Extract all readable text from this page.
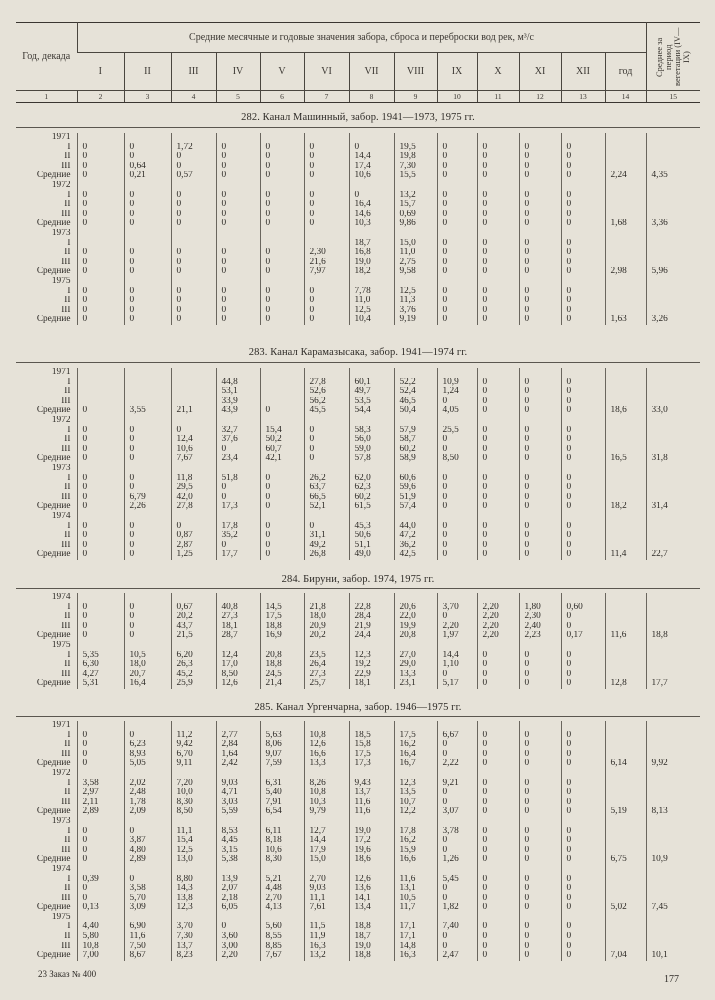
Год, декада	Средние месячные и годовые значения забора, сброса и переброски вод рек, м³/с													Среднее за период вегетации (IV—IX)

	I	II	III	IV	V	VI	VII	VIII	IX	X	XI	XII	год	
1	2	3	4	5	6	7	8	9	10	11	12	13	14	15
282. Канал Машинный, забор. 1941—1973, 1975 гг.
1971														
I	0	0	1,72	0	0	0	0	19,5	0	0	0	0		
II	0	0	0	0	0	0	14,4	19,8	0	0	0	0		
III	0	0,64	0	0	0	0	17,4	7,30	0	0	0	0		
Средние	0	0,21	0,57	0	0	0	10,6	15,5	0	0	0	0	2,24	4,35
1972														
I	0	0	0	0	0	0	0	13,2	0	0	0	0		
II	0	0	0	0	0	0	16,4	15,7	0	0	0	0		
III	0	0	0	0	0	0	14,6	0,69	0	0	0	0		
Средние	0	0	0	0	0	0	10,3	9,86	0	0	0	0	1,68	3,36
1973														
I							18,7	15,0	0	0	0	0		
II	0	0	0	0	0	2,30	16,8	11,0	0	0	0	0		
III	0	0	0	0	0	21,6	19,0	2,75	0	0	0	0		
Средние	0	0	0	0	0	7,97	18,2	9,58	0	0	0	0	2,98	5,96
1975														
I	0	0	0	0	0	0	7,78	12,5	0	0	0	0		
II	0	0	0	0	0	0	11,0	11,3	0	0	0	0		
III	0	0	0	0	0	0	12,5	3,76	0	0	0	0		
Средние	0	0	0	0	0	0	10,4	9,19	0	0	0	0	1,63	3,26
283. Канал Карамазысака, забор. 1941—1974 гг.
1971														
I				44,8		27,8	60,1	52,2	10,9	0	0	0		
II				53,1		52,6	49,7	52,4	1,24	0	0	0		
III				33,9		56,2	53,5	46,5	0	0	0	0		
Средние	0	3,55	21,1	43,9	0	45,5	54,4	50,4	4,05	0	0	0	18,6	33,0
1972														
I	0	0	0	32,7	15,4	0	58,3	57,9	25,5	0	0	0		
II	0	0	12,4	37,6	50,2	0	56,0	58,7	0	0	0	0		
III	0	0	10,6	0	60,7	0	59,0	60,2	0	0	0	0		
Средние	0	0	7,67	23,4	42,1	0	57,8	58,9	8,50	0	0	0	16,5	31,8
1973														
I	0	0	11,8	51,8	0	26,2	62,0	60,6	0	0	0	0		
II	0	0	29,5	0	0	63,7	62,3	59,6	0	0	0	0		
III	0	6,79	42,0	0	0	66,5	60,2	51,9	0	0	0	0		
Средние	0	2,26	27,8	17,3	0	52,1	61,5	57,4	0	0	0	0	18,2	31,4
1974														
I	0	0	0	17,8	0	0	45,3	44,0	0	0	0	0		
II	0	0	0,87	35,2	0	31,1	50,6	47,2	0	0	0	0		
III	0	0	2,87	0	0	49,2	51,1	36,2	0	0	0	0		
Средние	0	0	1,25	17,7	0	26,8	49,0	42,5	0	0	0	0	11,4	22,7
284. Бируни, забор. 1974, 1975 гг.
1974														
I	0	0	0,67	40,8	14,5	21,8	22,8	20,6	3,70	2,20	1,80	0,60		
II	0	0	20,2	27,3	17,5	18,0	28,4	22,0	0	2,20	2,30	0		
III	0	0	43,7	18,1	18,8	20,9	21,9	19,9	2,20	2,20	2,40	0		
Средние	0	0	21,5	28,7	16,9	20,2	24,4	20,8	1,97	2,20	2,23	0,17	11,6	18,8
1975														
I	5,35	10,5	6,20	12,4	20,8	23,5	12,3	27,0	14,4	0	0	0		
II	6,30	18,0	26,3	17,0	18,8	26,4	19,2	29,0	1,10	0	0	0		
III	4,27	20,7	45,2	8,50	24,5	27,3	22,9	13,3	0	0	0	0		
Средние	5,31	16,4	25,9	12,6	21,4	25,7	18,1	23,1	5,17	0	0	0	12,8	17,7
285. Канал Ургенчарна, забор. 1946—1975 гг.
1971														
I	0	0	11,2	2,77	5,63	10,8	18,5	17,5	6,67	0	0	0		
II	0	6,23	9,42	2,84	8,06	12,6	15,8	16,2	0	0	0	0		
III	0	8,93	6,70	1,64	9,07	16,6	17,5	16,4	0	0	0	0		
Средние	0	5,05	9,11	2,42	7,59	13,3	17,3	16,7	2,22	0	0	0	6,14	9,92
1972														
I	3,58	2,02	7,20	9,03	6,31	8,26	9,43	12,3	9,21	0	0	0		
II	2,97	2,48	10,0	4,71	5,40	10,8	13,7	13,5	0	0	0	0		
III	2,11	1,78	8,30	3,03	7,91	10,3	11,6	10,7	0	0	0	0		
Средние	2,89	2,09	8,50	5,59	6,54	9,79	11,6	12,2	3,07	0	0	0	5,19	8,13
1973														
I	0	0	11,1	8,53	6,11	12,7	19,0	17,8	3,78	0	0	0		
II	0	3,87	15,4	4,45	8,18	14,4	17,2	16,2	0	0	0	0		
III	0	4,80	12,5	3,15	10,6	17,9	19,6	15,9	0	0	0	0		
Средние	0	2,89	13,0	5,38	8,30	15,0	18,6	16,6	1,26	0	0	0	6,75	10,9
1974														
I	0,39	0	8,80	13,9	5,21	2,70	12,6	11,6	5,45	0	0	0		
II	0	3,58	14,3	2,07	4,48	9,03	13,6	13,1	0	0	0	0		
III	0	5,70	13,8	2,18	2,70	11,1	14,1	10,5	0	0	0	0		
Средние	0,13	3,09	12,3	6,05	4,13	7,61	13,4	11,7	1,82	0	0	0	5,02	7,45
1975														
I	4,40	6,90	3,70	0	5,60	11,5	18,8	17,1	7,40	0	0	0		
II	5,80	11,6	7,30	3,60	8,55	11,9	18,7	17,1	0	0	0	0		
III	10,8	7,50	13,7	3,00	8,85	16,3	19,0	14,8	0	0	0	0		
Средние	7,00	8,67	8,23	2,20	7,67	13,2	18,8	16,3	2,47	0	0	0	7,04	10,1
23 Заказ № 400	177
